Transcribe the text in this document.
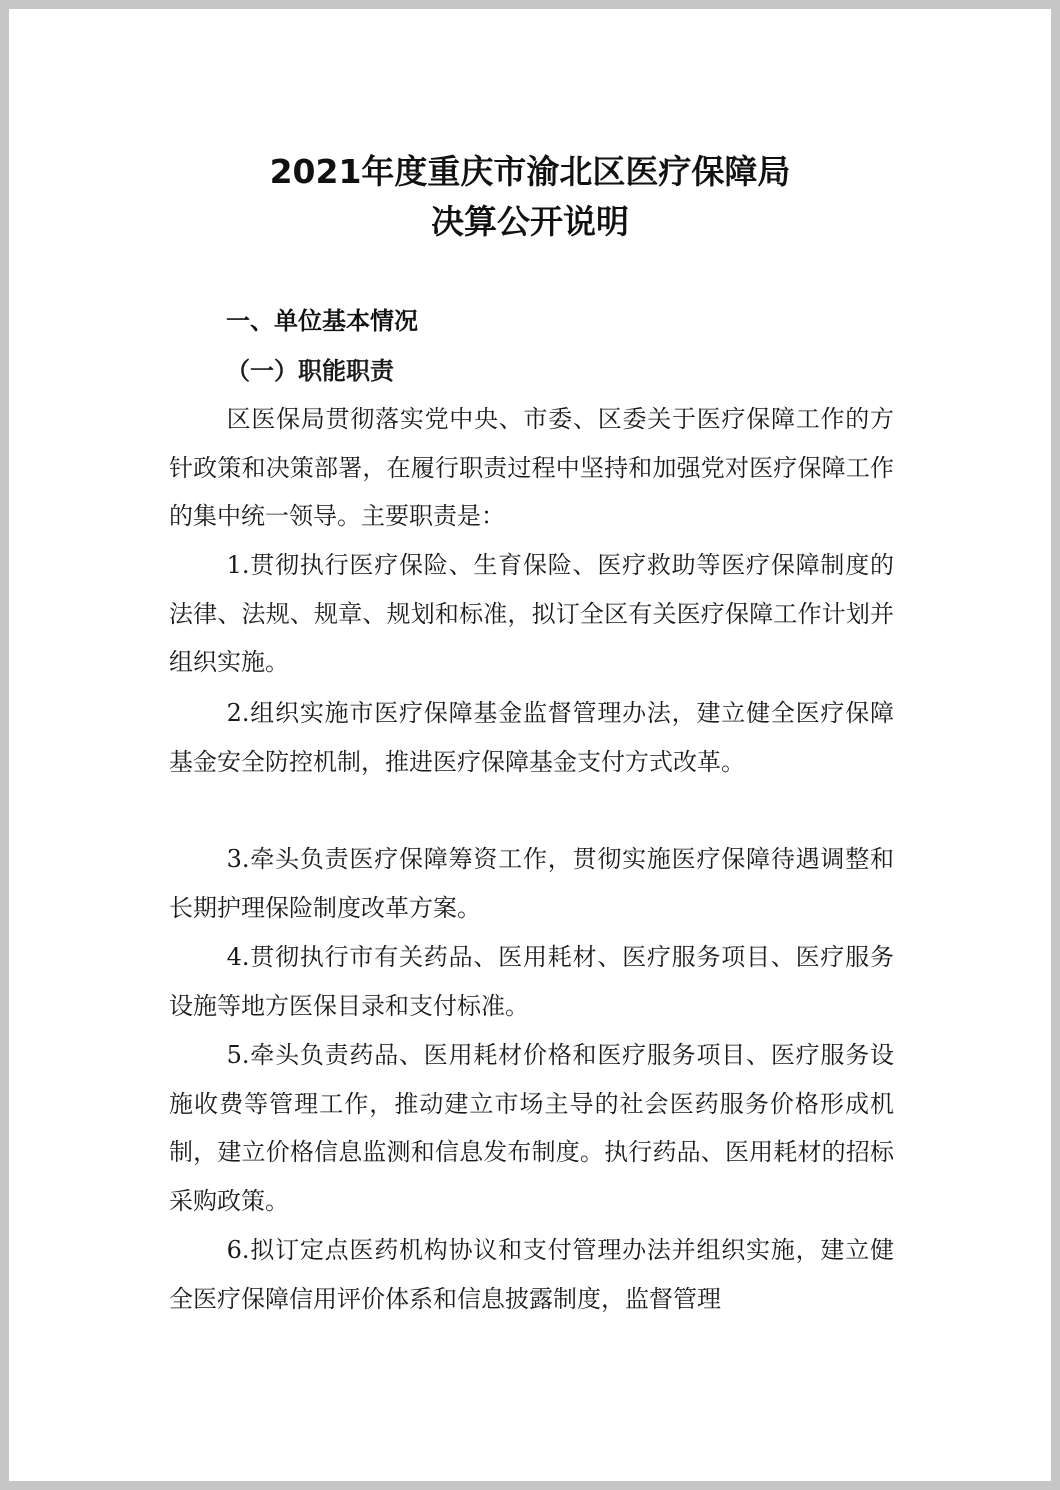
2021年度重庆市渝北区医疗保障局
决算公开说明
一、单位基本情况
（一）职能职责

区医保局贯彻落实党中央、市委、区委关于医疗保障工作的方针政策和决策部署，在履行职责过程中坚持和加强党对医疗保障工作的集中统一领导。主要职责是：

1.贯彻执行医疗保险、生育保险、医疗救助等医疗保障制度的法律、法规、规章、规划和标准，拟订全区有关医疗保障工作计划并组织实施。

2.组织实施市医疗保障基金监督管理办法，建立健全医疗保障基金安全防控机制，推进医疗保障基金支付方式改革。

3.牵头负责医疗保障筹资工作，贯彻实施医疗保障待遇调整和长期护理保险制度改革方案。

4.贯彻执行市有关药品、医用耗材、医疗服务项目、医疗服务设施等地方医保目录和支付标准。

5.牵头负责药品、医用耗材价格和医疗服务项目、医疗服务设施收费等管理工作，推动建立市场主导的社会医药服务价格形成机制，建立价格信息监测和信息发布制度。执行药品、医用耗材的招标采购政策。

6.拟订定点医药机构协议和支付管理办法并组织实施，建立健全医疗保障信用评价体系和信息披露制度，监督管理
